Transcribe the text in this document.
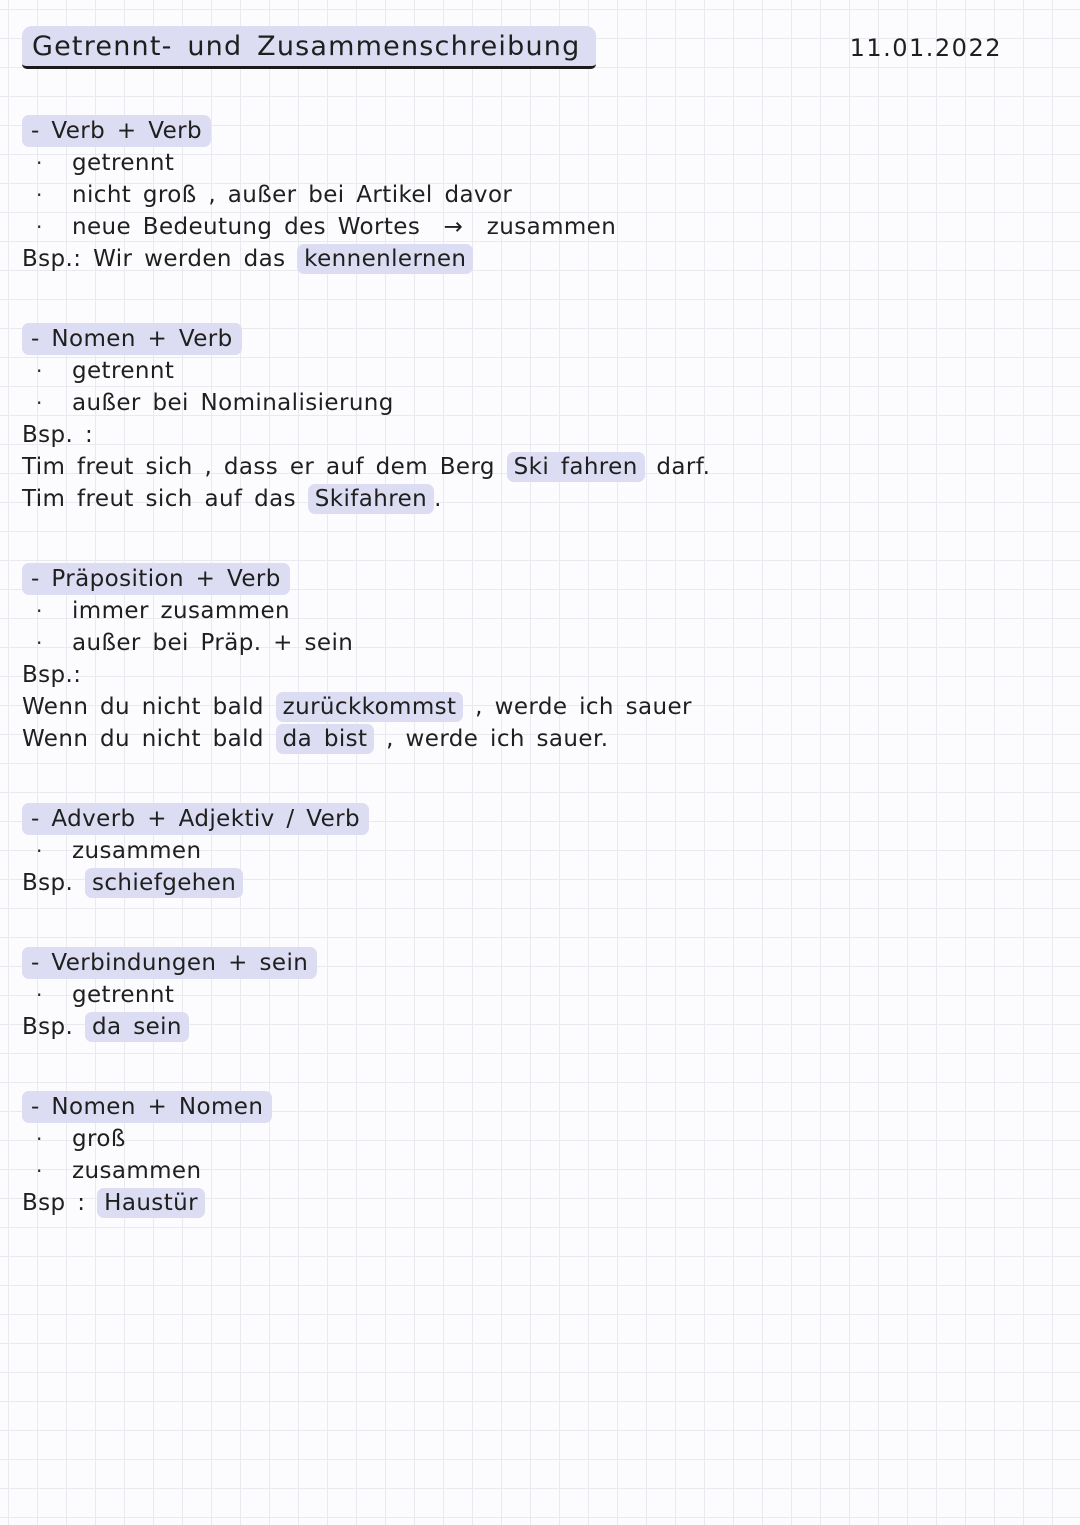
Getrennt- und Zusammenschreibung	11.01.2022
- Verb + Verb
· getrennt
· nicht groß , außer bei Artikel davor
· neue Bedeutung des Wortes  →  zusammen
Bsp.: Wir werden das kennenlernen
- Nomen + Verb
· getrennt
· außer bei Nominalisierung
Bsp. :
Tim freut sich , dass er auf dem Berg Ski fahren darf.
Tim freut sich auf das Skifahren .
- Präposition + Verb
· immer zusammen
· außer bei Präp. + sein
Bsp.:
Wenn du nicht bald zurückkommst , werde ich sauer
Wenn du nicht bald da bist , werde ich sauer.
- Adverb + Adjektiv / Verb
· zusammen
Bsp. schiefgehen
- Verbindungen + sein
· getrennt
Bsp. da sein
- Nomen + Nomen
· groß
· zusammen
Bsp : Haustür
